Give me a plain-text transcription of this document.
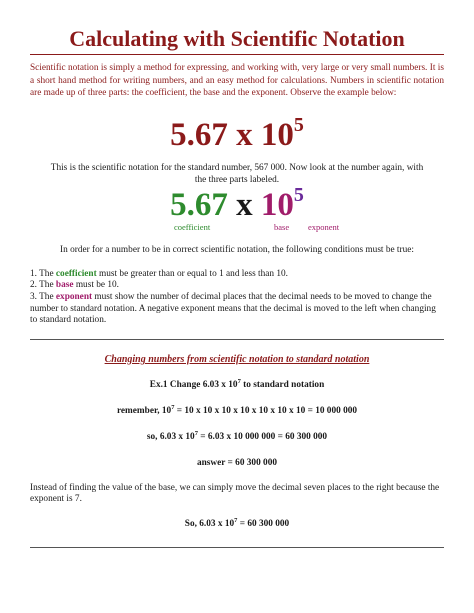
Calculating with Scientific Notation

Scientific notation is simply a method for expressing, and working with, very large or very small numbers. It is a short hand method for writing numbers, and an easy method for calculations. Numbers in scientific notation are made up of three parts: the coefficient, the base and the exponent. Observe the example below:

5.67 x $10^5$

This is the scientific notation for the standard number, 567 000. Now look at the number again, with the three parts labeled.

5.67 x $10^5$
coefficient	base exponent

In order for a number to be in correct scientific notation, the following conditions must be true:

1. The coefficient must be greater than or equal to 1 and less than 10.
2. The base must be 10.
3. The exponent must show the number of decimal places that the decimal needs to be moved to change the number to standard notation. A negative exponent means that the decimal is moved to the left when changing to standard notation.
Changing numbers from scientific notation to standard notation
Ex.1 Change 6.03 x $10^7$ to standard notation
remember, $10^7 = 10$ x 10 x 10 x 10 x 10 x 10 x 10 = 10 000 000
so, 6.03 x $10^7 = 6.03$ x 10 000 000 = 60 300 000
answer = 60 300 000

Instead of finding the value of the base, we can simply move the decimal seven places to the right because the exponent is 7.

So, 6.03 x $10^7 = 60$ 300 000
